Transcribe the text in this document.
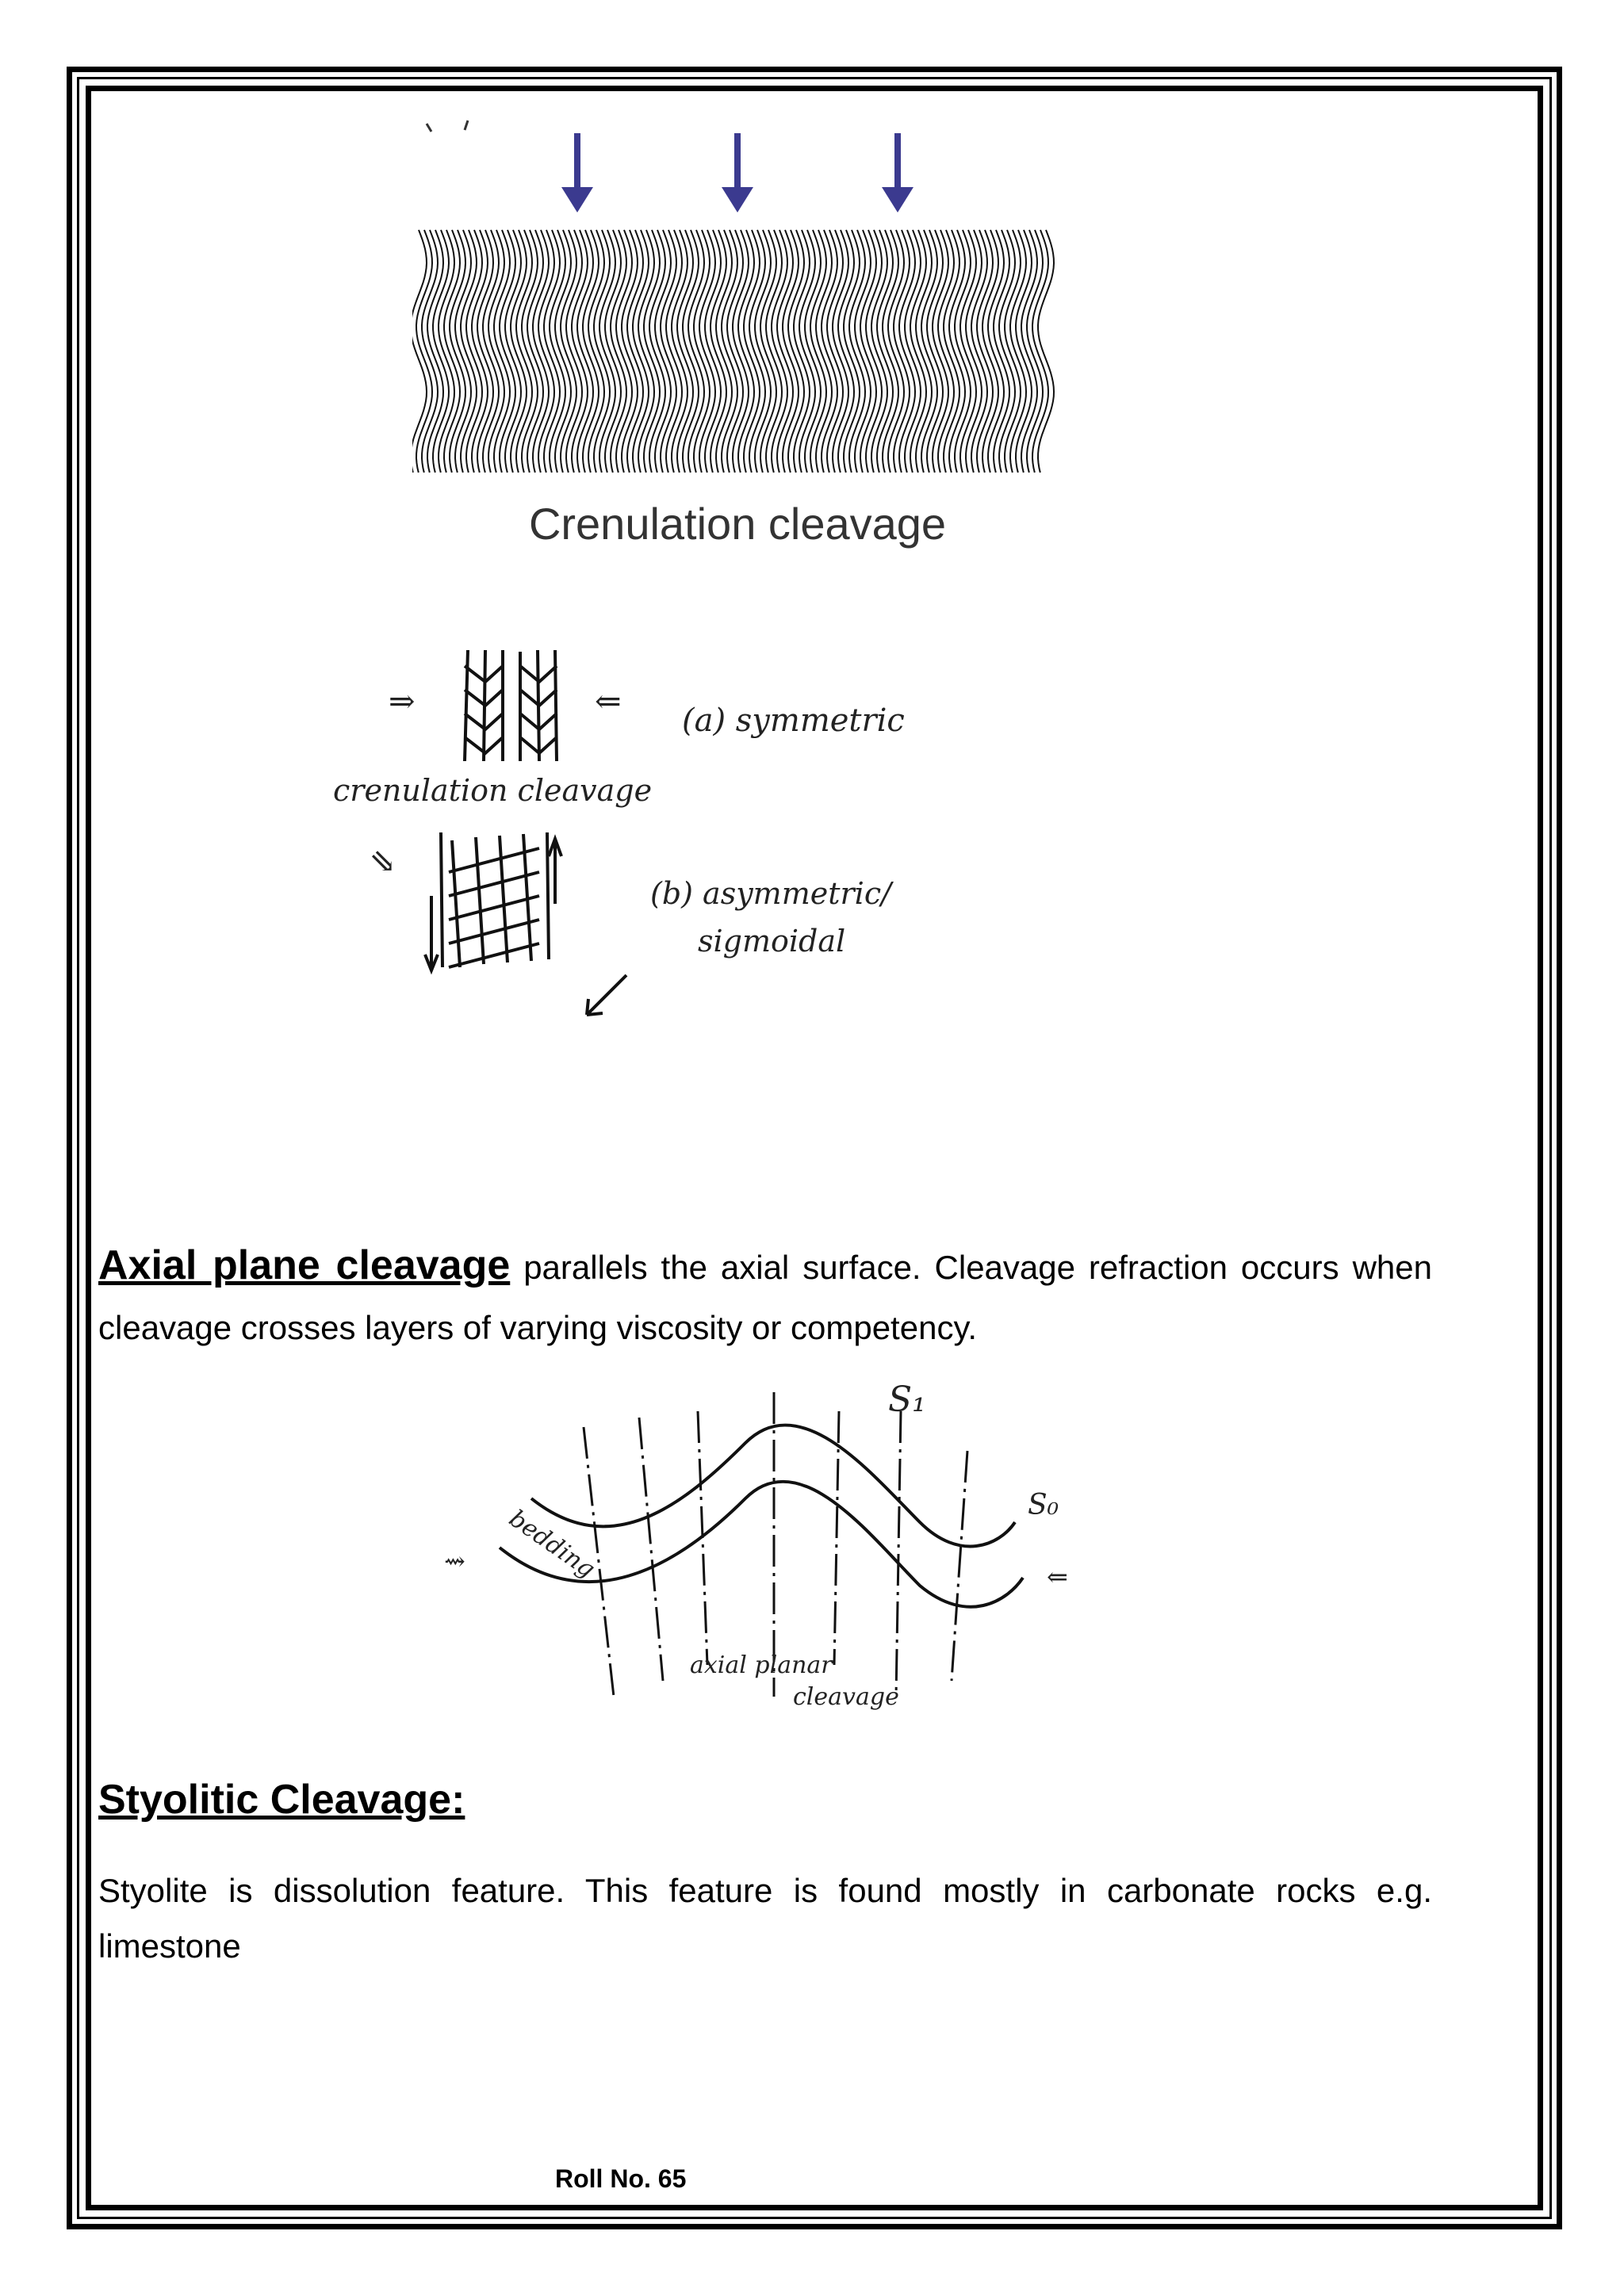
Crenulation cleavage
⇒	⇐
⇘
crenulation cleavage
(a) symmetric
(b) asymmetric/
sigmoidal
Axial plane cleavage parallels the axial surface. Cleavage refraction occurs when cleavage crosses layers of varying viscosity or competency.
⇝
⇐
S₁
S₀
bedding
axial planar
cleavage
Styolitic Cleavage:
Styolite is dissolution feature. This feature is found mostly in carbonate rocks e.g. limestone
Roll No. 65
